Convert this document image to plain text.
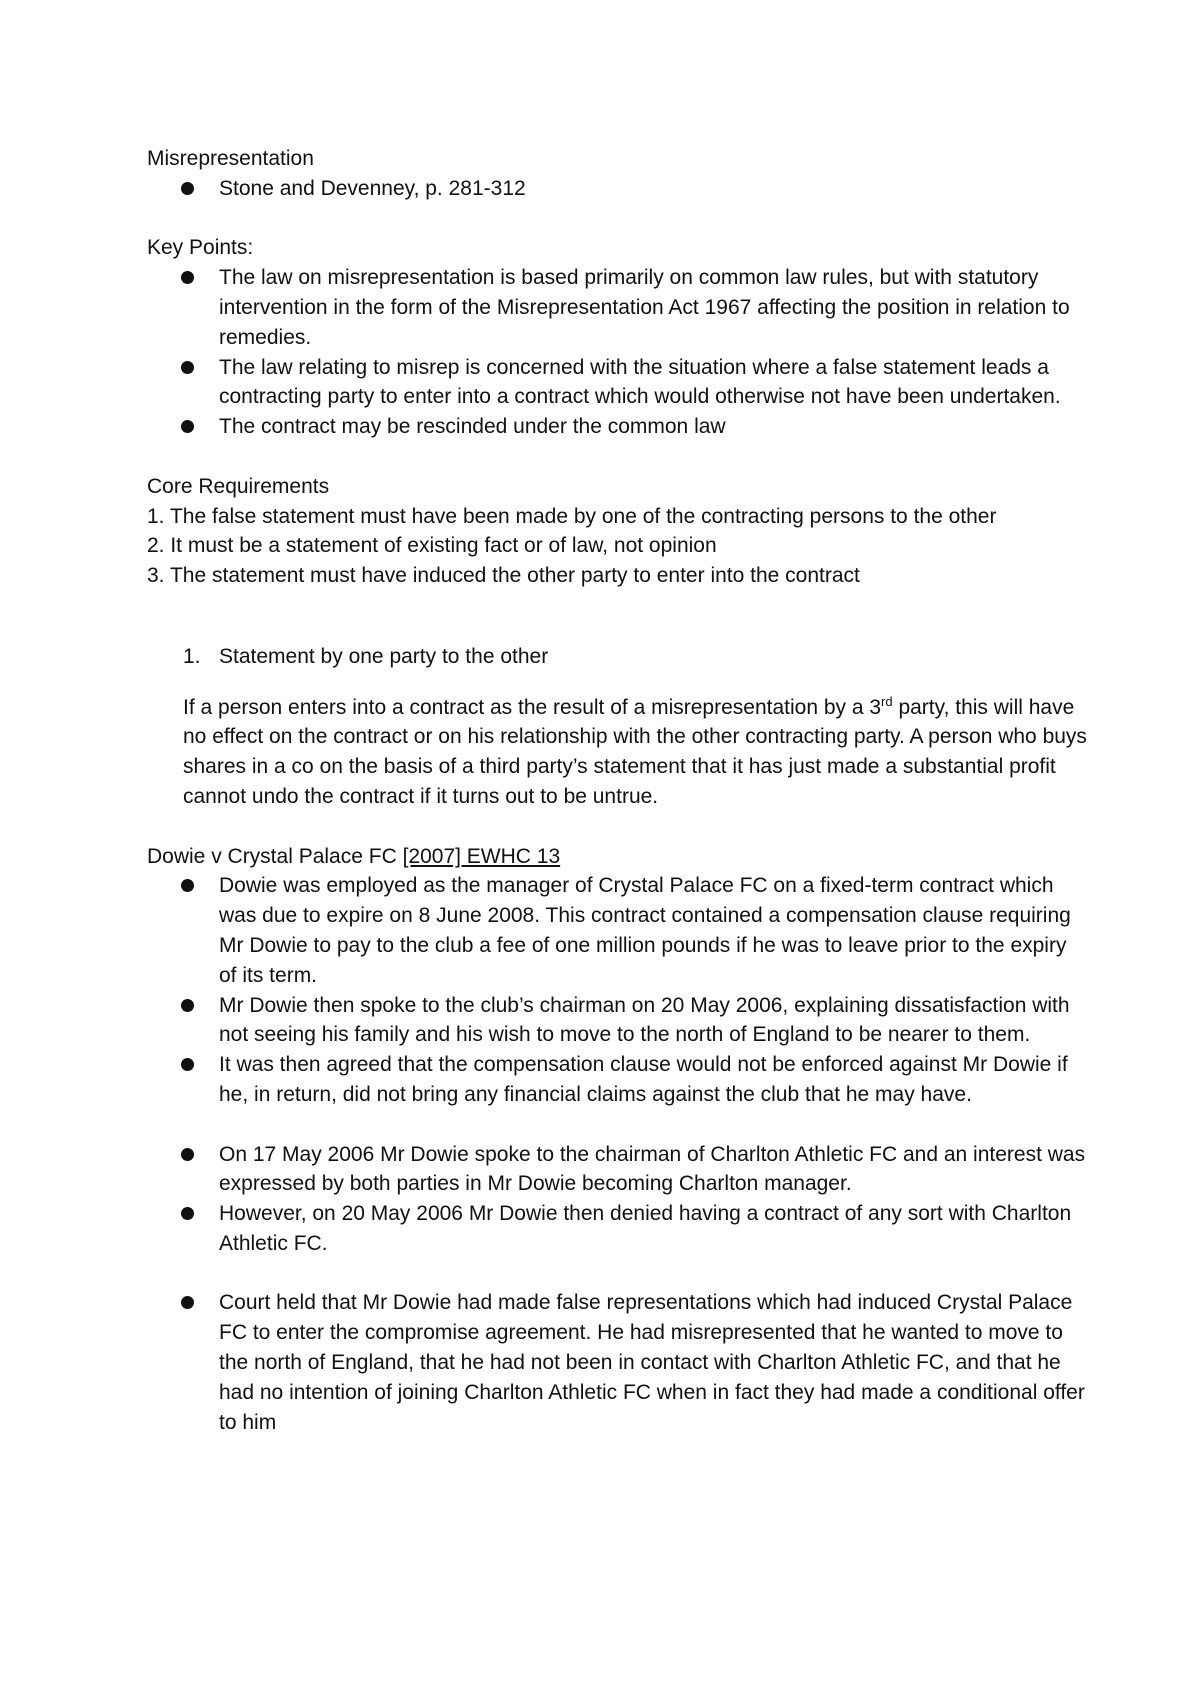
Misrepresentation

Stone and Devenney, p. 281-312

Key Points:

The law on misrepresentation is based primarily on common law rules, but with statutory intervention in the form of the Misrepresentation Act 1967 affecting the position in relation to remedies.
The law relating to misrep is concerned with the situation where a false statement leads a contracting party to enter into a contract which would otherwise not have been undertaken.
The contract may be rescinded under the common law

Core Requirements

1. The false statement must have been made by one of the contracting persons to the other

2. It must be a statement of existing fact or of law, not opinion

3. The statement must have induced the other party to enter into the contract

1. Statement by one party to the other

If a person enters into a contract as the result of a misrepresentation by a 3rd party, this will have no effect on the contract or on his relationship with the other contracting party. A person who buys shares in a co on the basis of a third party’s statement that it has just made a substantial profit cannot undo the contract if it turns out to be untrue.

Dowie v Crystal Palace FC [2007] EWHC 13

Dowie was employed as the manager of Crystal Palace FC on a fixed-term contract which was due to expire on 8 June 2008. This contract contained a compensation clause requiring Mr Dowie to pay to the club a fee of one million pounds if he was to leave prior to the expiry of its term.
Mr Dowie then spoke to the club’s chairman on 20 May 2006, explaining dissatisfaction with not seeing his family and his wish to move to the north of England to be nearer to them.
It was then agreed that the compensation clause would not be enforced against Mr Dowie if he, in return, did not bring any financial claims against the club that he may have.
On 17 May 2006 Mr Dowie spoke to the chairman of Charlton Athletic FC and an interest was expressed by both parties in Mr Dowie becoming Charlton manager.
However, on 20 May 2006 Mr Dowie then denied having a contract of any sort with Charlton Athletic FC.
Court held that Mr Dowie had made false representations which had induced Crystal Palace FC to enter the compromise agreement. He had misrepresented that he wanted to move to the north of England, that he had not been in contact with Charlton Athletic FC, and that he had no intention of joining Charlton Athletic FC when in fact they had made a conditional offer to him
